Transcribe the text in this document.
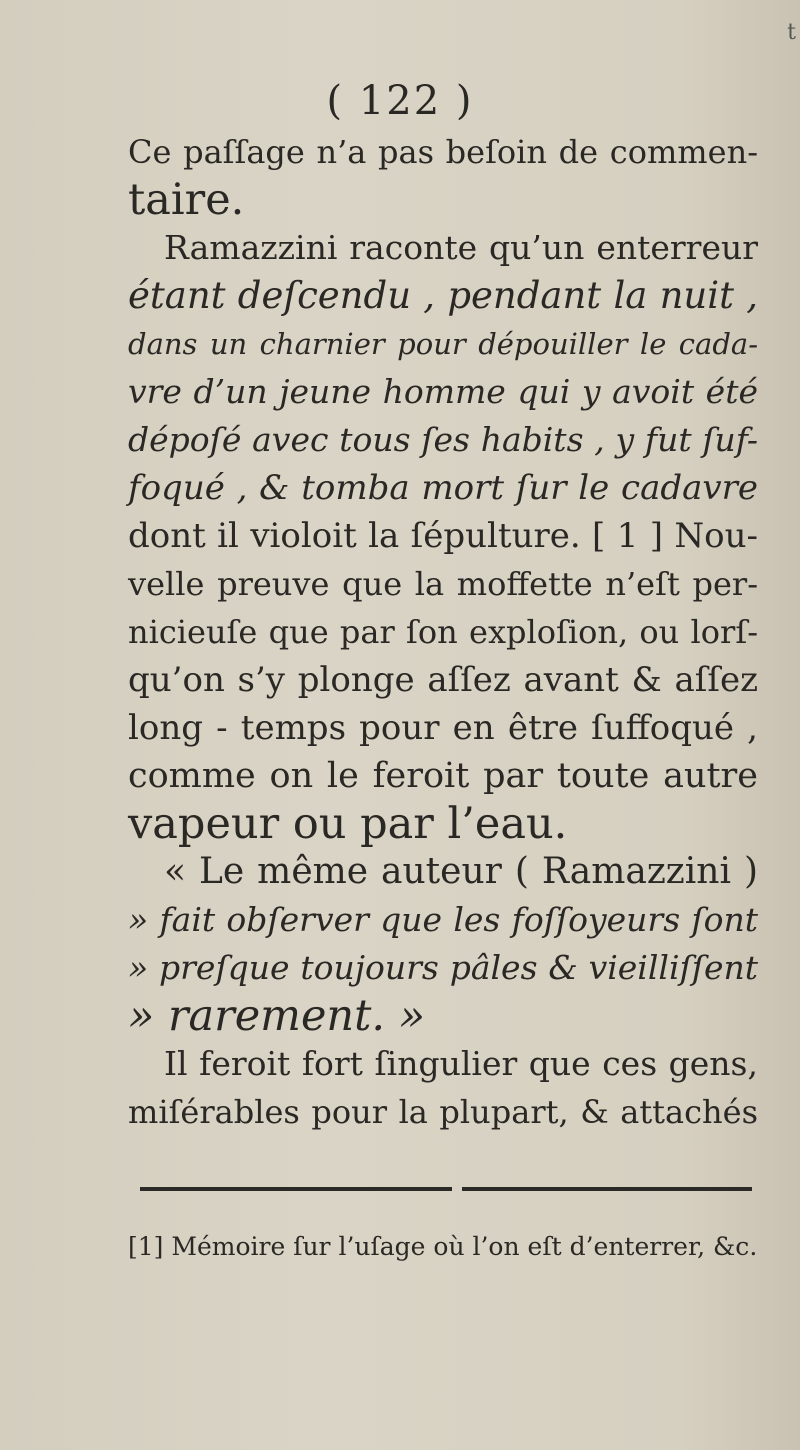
t
( 122 )
Ce paſſage n’a pas beſoin de commen-
taire.
Ramazzini raconte qu’un enterreur
étant deſcendu , pendant la nuit ,
dans un charnier pour dépouiller le cada-
vre d’un jeune homme qui y avoit été
dépoſé avec tous ſes habits , y fut ſuf-
foqué , & tomba mort ſur le cadavre
dont il violoit la ſépulture. [ 1 ] Nou-
velle preuve que la moffette n’eſt per-
nicieuſe que par ſon exploſion, ou lorſ-
qu’on s’y plonge aſſez avant & aſſez
long - temps pour en être ſuffoqué ,
comme on le feroit par toute autre
vapeur ou par l’eau.
« Le même auteur ( Ramazzini )
» fait obſerver que les foſſoyeurs ſont
» preſque toujours pâles & vieilliſſent
» rarement. »
Il feroit fort ſingulier que ces gens,
miſérables pour la plupart, & attachés
[1] Mémoire ſur l’uſage où l’on eſt d’enterrer, &c.
